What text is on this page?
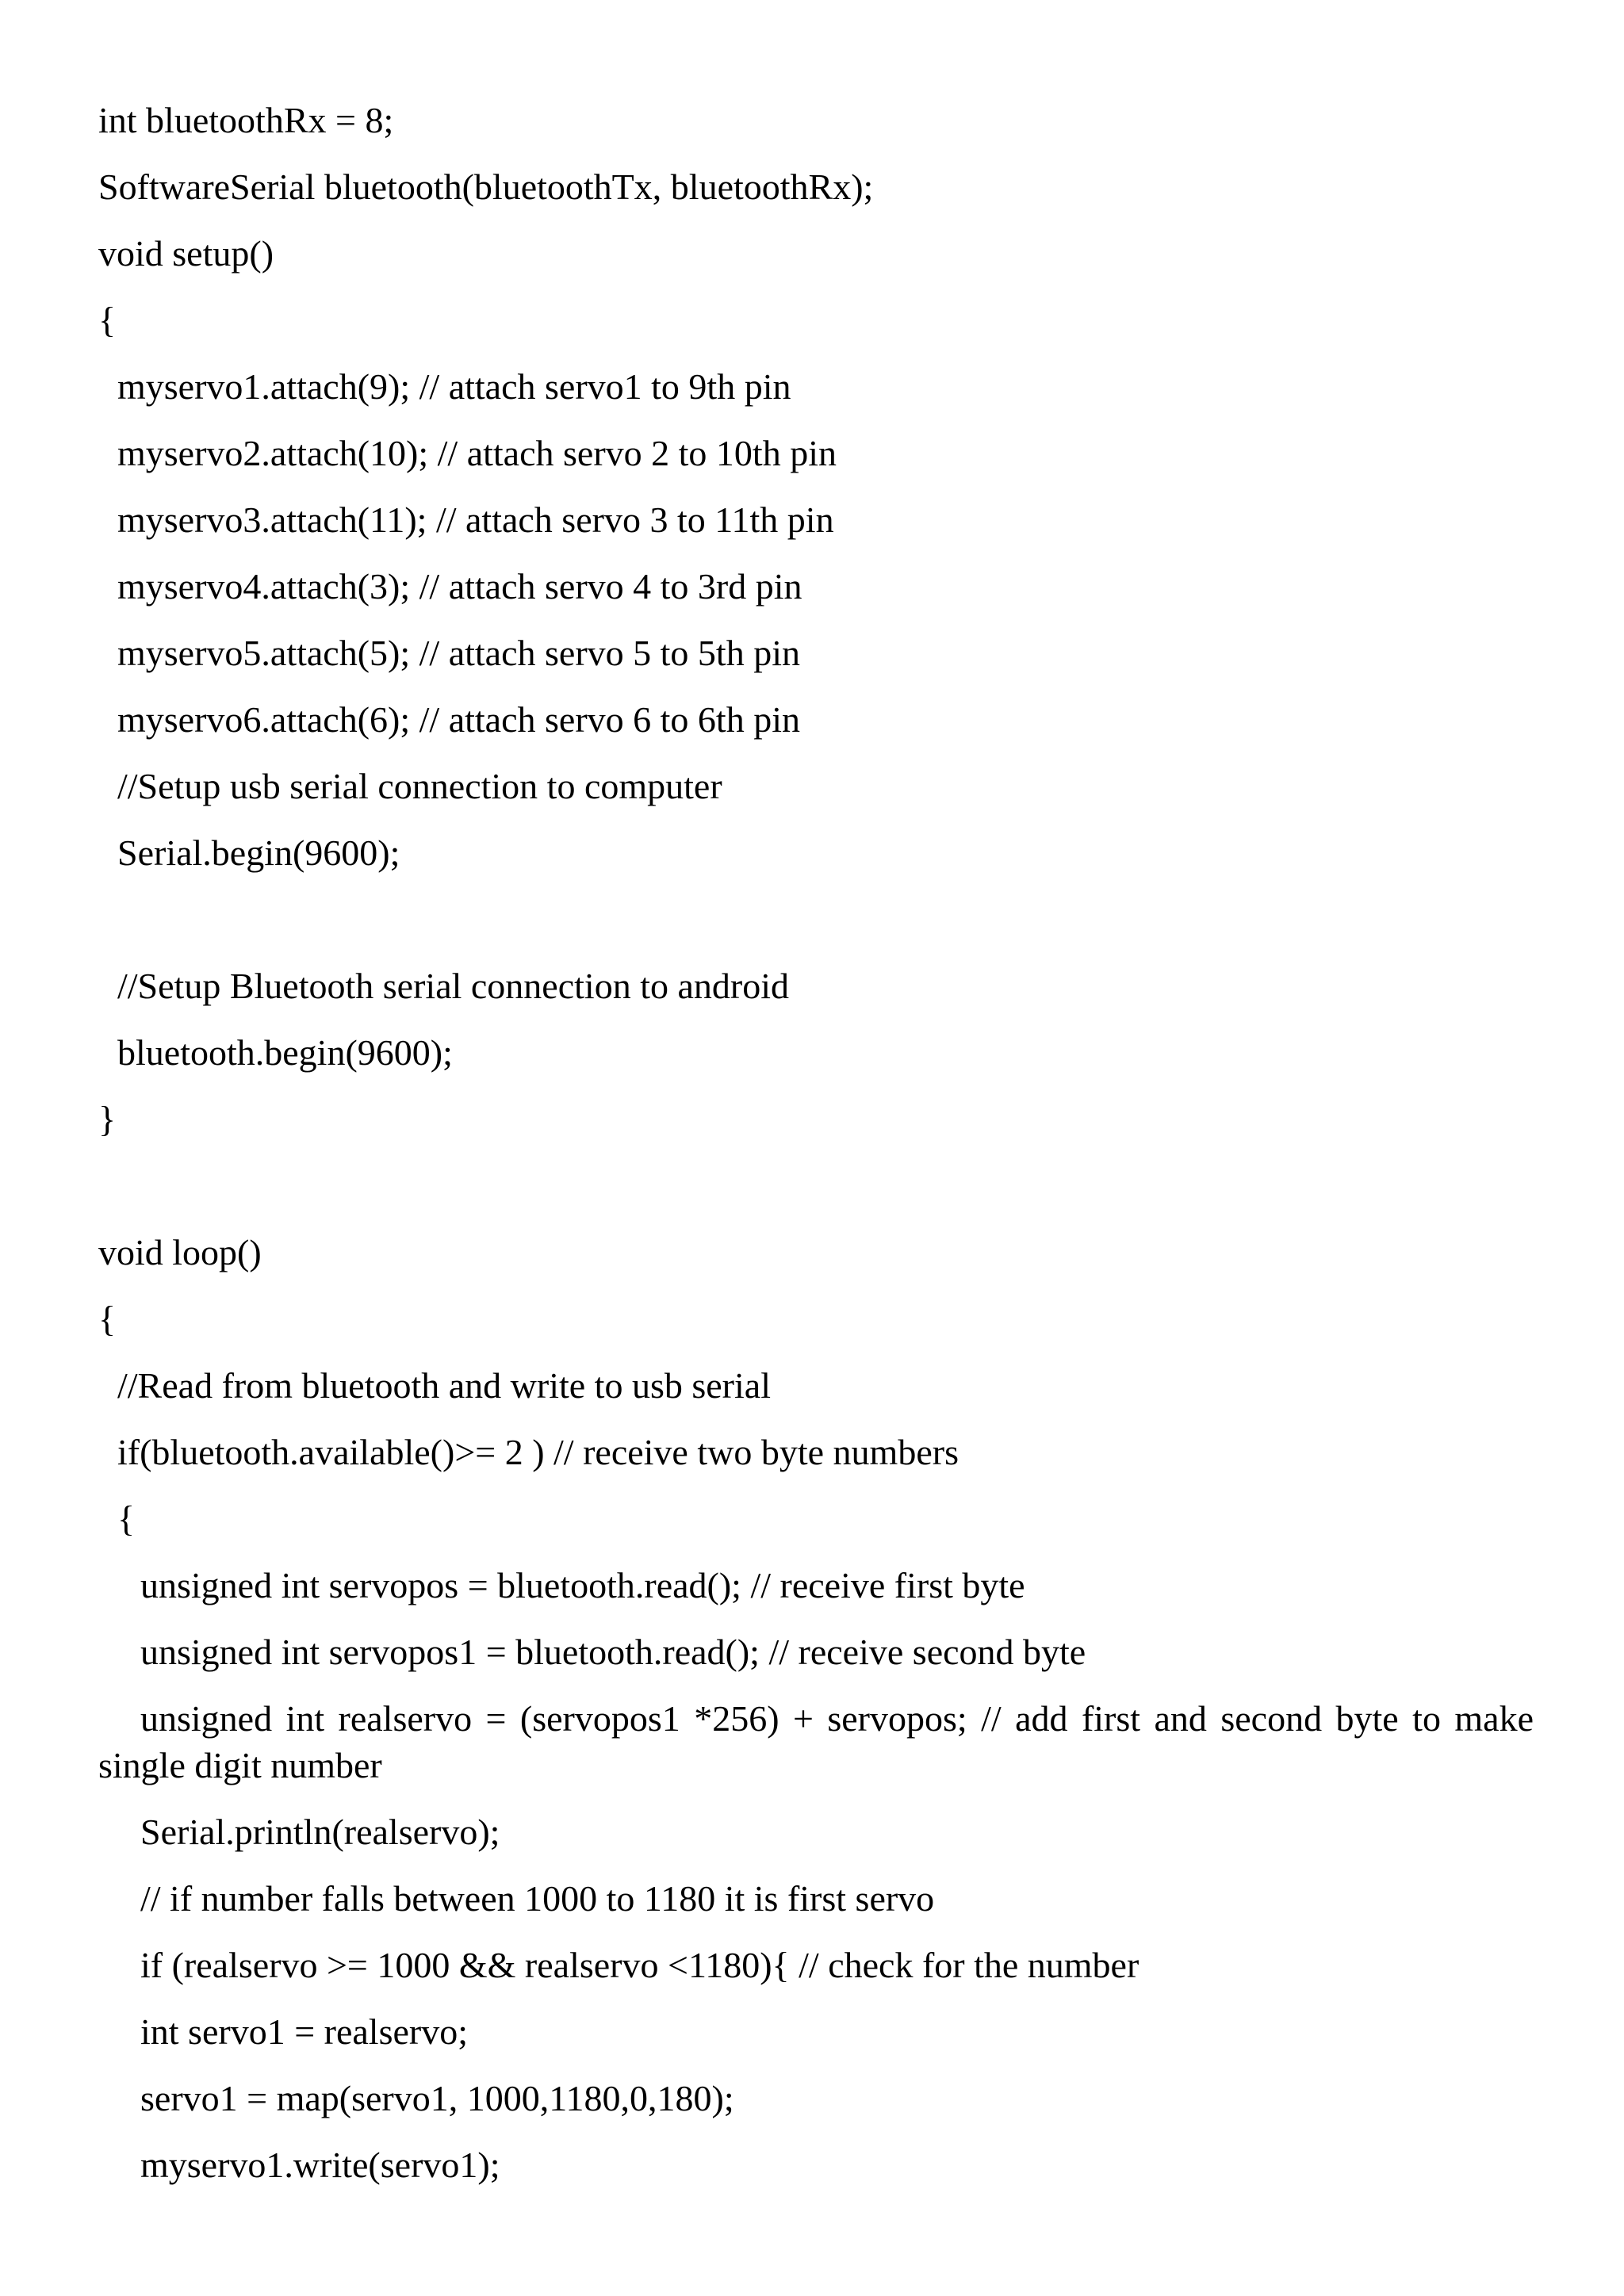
int bluetoothRx = 8;
SoftwareSerial bluetooth(bluetoothTx, bluetoothRx);
void setup()
{
myservo1.attach(9); // attach servo1 to 9th pin
myservo2.attach(10); // attach servo 2 to 10th pin
myservo3.attach(11); // attach servo 3 to 11th pin
myservo4.attach(3); // attach servo 4 to 3rd pin
myservo5.attach(5); // attach servo 5 to 5th pin
myservo6.attach(6); // attach servo 6 to 6th pin
//Setup usb serial connection to computer
Serial.begin(9600);
//Setup Bluetooth serial connection to android
bluetooth.begin(9600);
}
void loop()
{
//Read from bluetooth and write to usb serial
if(bluetooth.available()>= 2 ) // receive two byte numbers
{
unsigned int servopos = bluetooth.read(); // receive first byte
unsigned int servopos1 = bluetooth.read(); // receive second byte
unsigned int realservo = (servopos1 *256) + servopos; // add first and second byte to make single digit number
Serial.println(realservo);
// if number falls between 1000 to 1180 it is first servo
if (realservo >= 1000 && realservo <1180){ // check for the number
int servo1 = realservo;
servo1 = map(servo1, 1000,1180,0,180);
myservo1.write(servo1);
